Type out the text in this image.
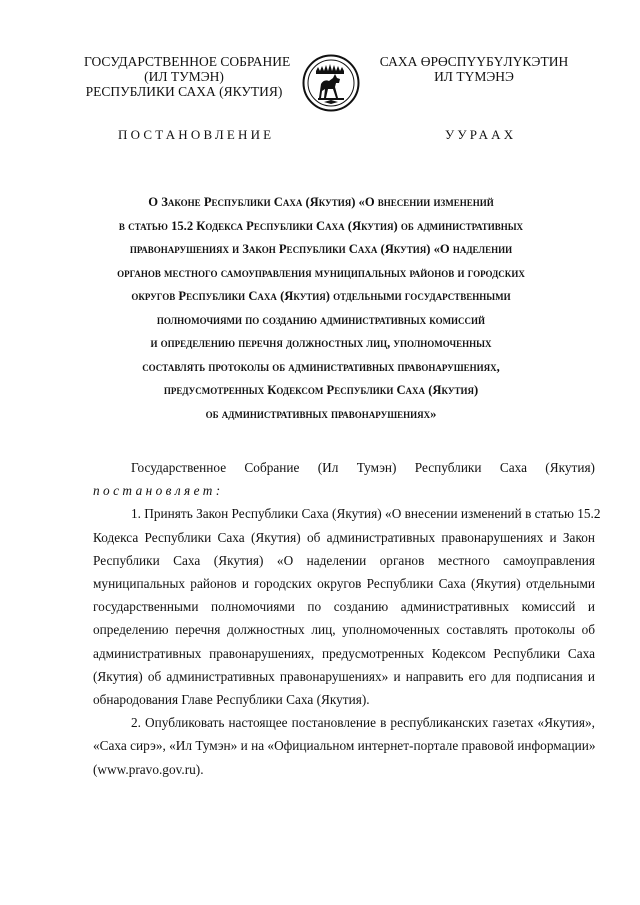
ГОСУДАРСТВЕННОЕ СОБРАНИЕ
(ИЛ ТУМЭН)
РЕСПУБЛИКИ САХА (ЯКУТИЯ)
САХА ӨРӨСПҮҮБҮЛҮКЭТИН
ИЛ ТҮМЭНЭ
ПОСТАНОВЛЕНИЕ	УУРААХ
О Законе Республики Саха (Якутия) «О внесении изменений
в статью 15.2 Кодекса Республики Саха (Якутия) об административных
правонарушениях и Закон Республики Саха (Якутия) «О наделении
органов местного самоуправления муниципальных районов и городских
округов Республики Саха (Якутия) отдельными государственными
полномочиями по созданию административных комиссий
и определению перечня должностных лиц, уполномоченных
составлять протоколы об административных правонарушениях,
предусмотренных Кодексом Республики Саха (Якутия)
об административных правонарушениях»
Государственное Собрание (Ил Тумэн) Республики Саха (Якутия)
постановляет:
1. Принять Закон Республики Саха (Якутия) «О внесении изменений в статью 15.2
Кодекса Республики Саха (Якутия) об административных правонарушениях и Закон
Республики Саха (Якутия) «О наделении органов местного самоуправления
муниципальных районов и городских округов Республики Саха (Якутия) отдельными
государственными полномочиями по созданию административных комиссий и
определению перечня должностных лиц, уполномоченных составлять протоколы об
административных правонарушениях, предусмотренных Кодексом Республики Саха
(Якутия) об административных правонарушениях» и направить его для подписания и
обнародования Главе Республики Саха (Якутия).
2. Опубликовать настоящее постановление в республиканских газетах «Якутия»,
«Саха сирэ», «Ил Тумэн» и на «Официальном интернет-портале правовой информации»
(www.pravo.gov.ru).
